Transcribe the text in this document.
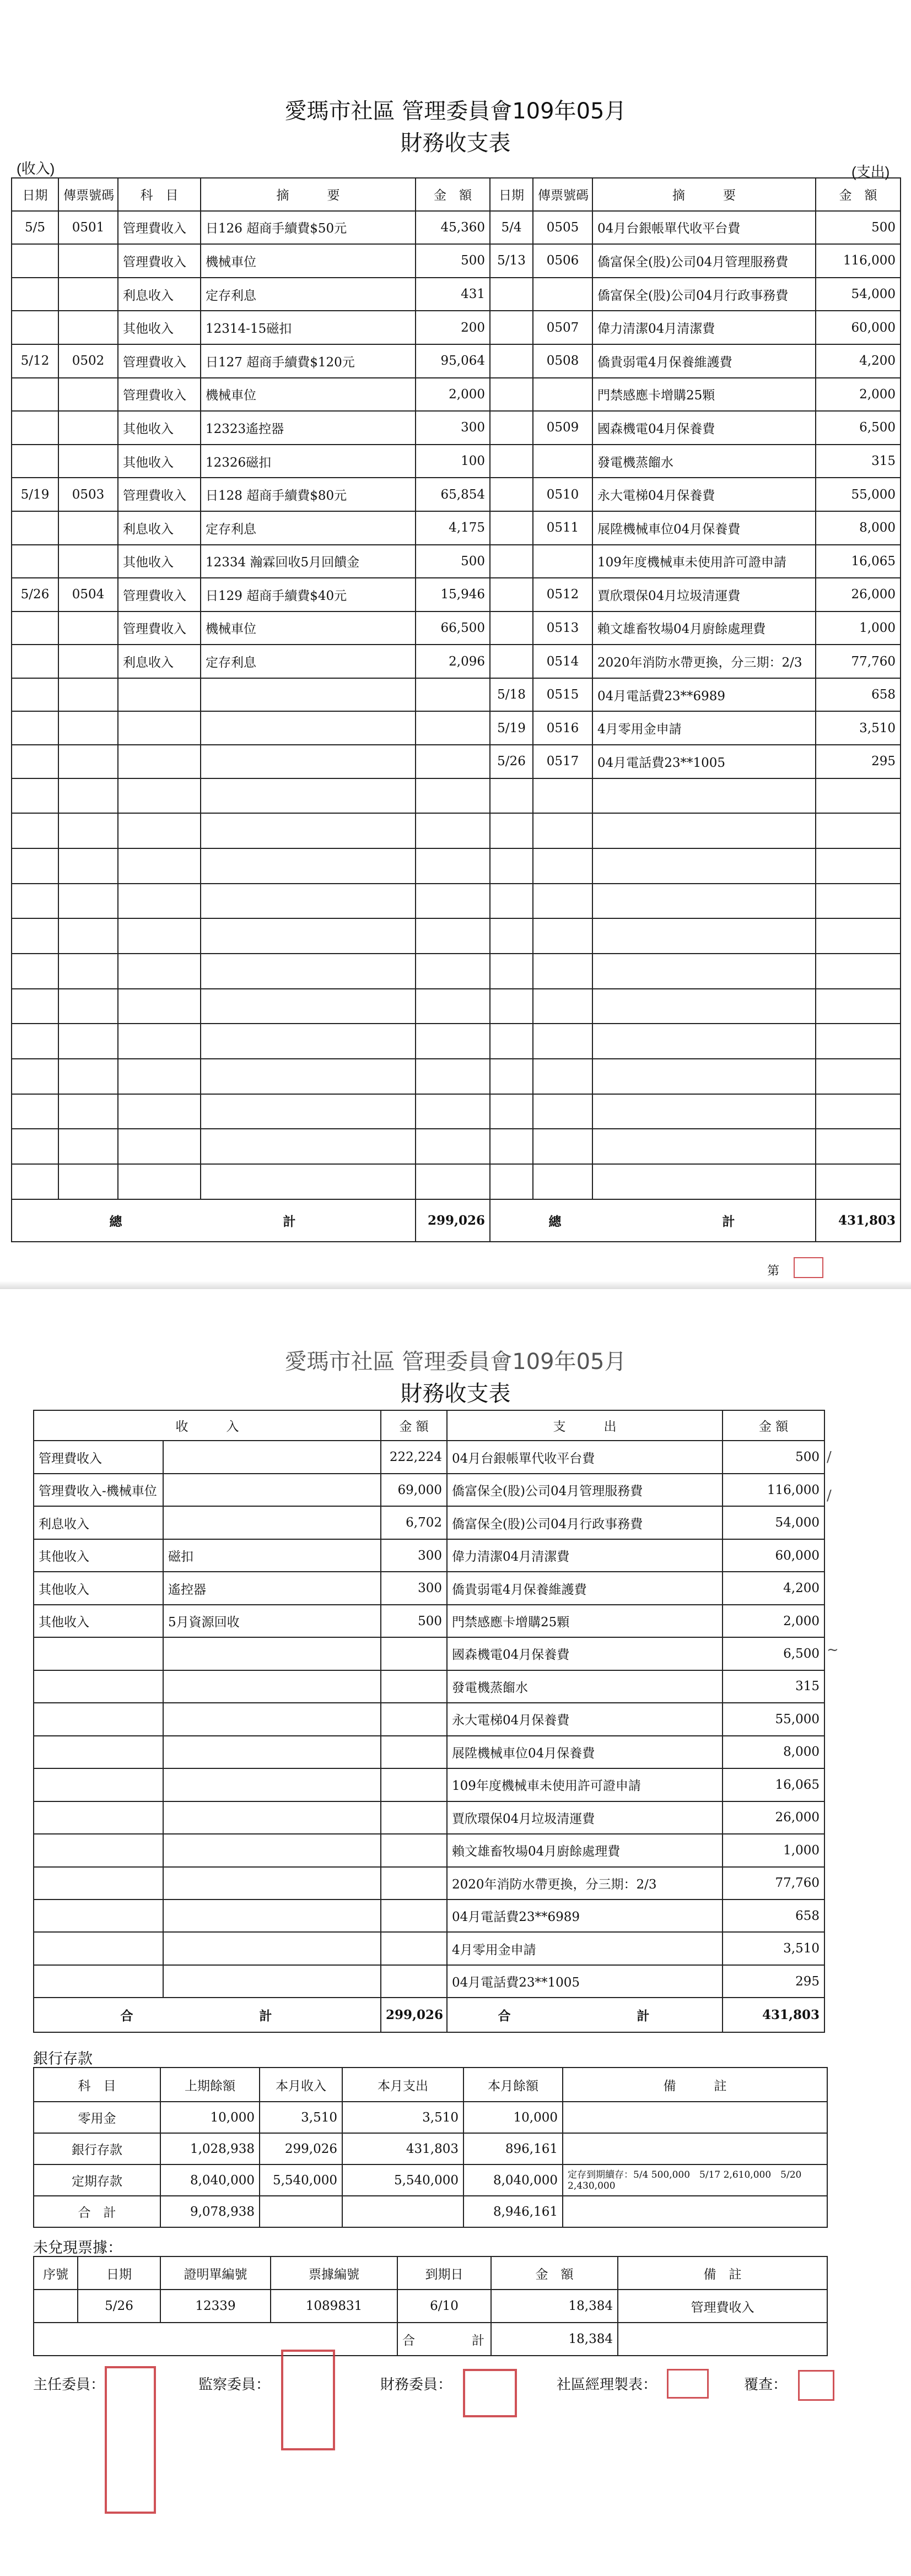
愛瑪市社區 管理委員會109年05月
財務收支表
(收入)	(支出)
日期	傳票號碼	科　目	摘　　　要	金　額	日期	傳票號碼	摘　　　要	金　額
5/5	0501	管理費收入	日126 超商手續費$50元	45,360	5/4	0505	04月台銀帳單代收平台費	500
		管理費收入	機械車位	500	5/13	0506	僑富保全(股)公司04月管理服務費	116,000
		利息收入	定存利息	431			僑富保全(股)公司04月行政事務費	54,000
		其他收入	12314-15磁扣	200		0507	偉力清潔04月清潔費	60,000
5/12	0502	管理費收入	日127 超商手續費$120元	95,064		0508	僑貴弱電4月保養維護費	4,200
		管理費收入	機械車位	2,000			門禁感應卡增購25顆	2,000
		其他收入	12323遙控器	300		0509	國森機電04月保養費	6,500
		其他收入	12326磁扣	100			發電機蒸餾水	315
5/19	0503	管理費收入	日128 超商手續費$80元	65,854		0510	永大電梯04月保養費	55,000
		利息收入	定存利息	4,175		0511	展陞機械車位04月保養費	8,000
		其他收入	12334 瀚霖回收5月回饋金	500			109年度機械車未使用許可證申請	16,065
5/26	0504	管理費收入	日129 超商手續費$40元	15,946		0512	賈欣環保04月垃圾清運費	26,000
		管理費收入	機械車位	66,500		0513	賴文雄畜牧場04月廚餘處理費	1,000
		利息收入	定存利息	2,096		0514	2020年消防水帶更換，分三期：2/3	77,760
					5/18	0515	04月電話費23**6989	658
					5/19	0516	4月零用金申請	3,510
					5/26	0517	04月電話費23**1005	295

總　　　　計				299,026	總　　　　計			431,803
第
愛瑪市社區 管理委員會109年05月
財務收支表
收　　　入		金 額	支　　　出	金 額
管理費收入		222,224	04月台銀帳單代收平台費	500
管理費收入-機械車位		69,000	僑富保全(股)公司04月管理服務費	116,000
利息收入		6,702	僑富保全(股)公司04月行政事務費	54,000
其他收入	磁扣	300	偉力清潔04月清潔費	60,000
其他收入	遙控器	300	僑貴弱電4月保養維護費	4,200
其他收入	5月資源回收	500	門禁感應卡增購25顆	2,000
			國森機電04月保養費	6,500
			發電機蒸餾水	315
			永大電梯04月保養費	55,000
			展陞機械車位04月保養費	8,000
			109年度機械車未使用許可證申請	16,065
			賈欣環保04月垃圾清運費	26,000
			賴文雄畜牧場04月廚餘處理費	1,000
			2020年消防水帶更換，分三期：2/3	77,760
			04月電話費23**6989	658
			4月零用金申請	3,510
			04月電話費23**1005	295
合　　　計		299,026	合　　　計	431,803
/
/
~
銀行存款
科　目	上期餘額	本月收入	本月支出	本月餘額	備　　　註
零用金	10,000	3,510	3,510	10,000	
銀行存款	1,028,938	299,026	431,803	896,161	
定期存款	8,040,000	5,540,000	5,540,000	8,040,000	定存到期續存：5/4 500,000　5/17 2,610,000　5/20 2,430,000
合　計	9,078,938			8,946,161	
未兌現票據：
序號	日期	證明單編號	票據編號	到期日	金　額	備　註
	5/26	12339	1089831	6/10	18,384	管理費收入
				合　計	18,384	
主任委員：	監察委員：	財務委員：	社區經理製表：	覆查：
